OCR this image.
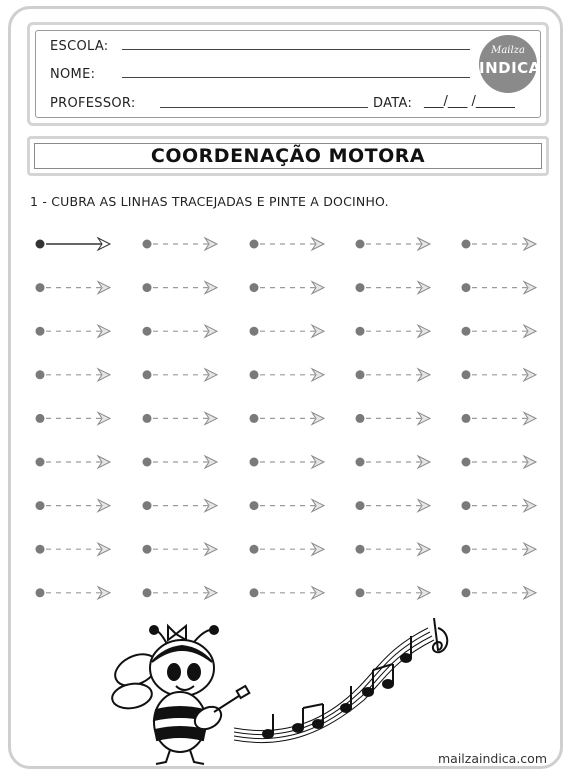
ESCOLA:
NOME:
PROFESSOR:	DATA: ___/___ /______
Mailza
INDICA
COORDENAÇÃO MOTORA
1 - CUBRA AS LINHAS TRACEJADAS E PINTE A DOCINHO.
mailzaindica.com
